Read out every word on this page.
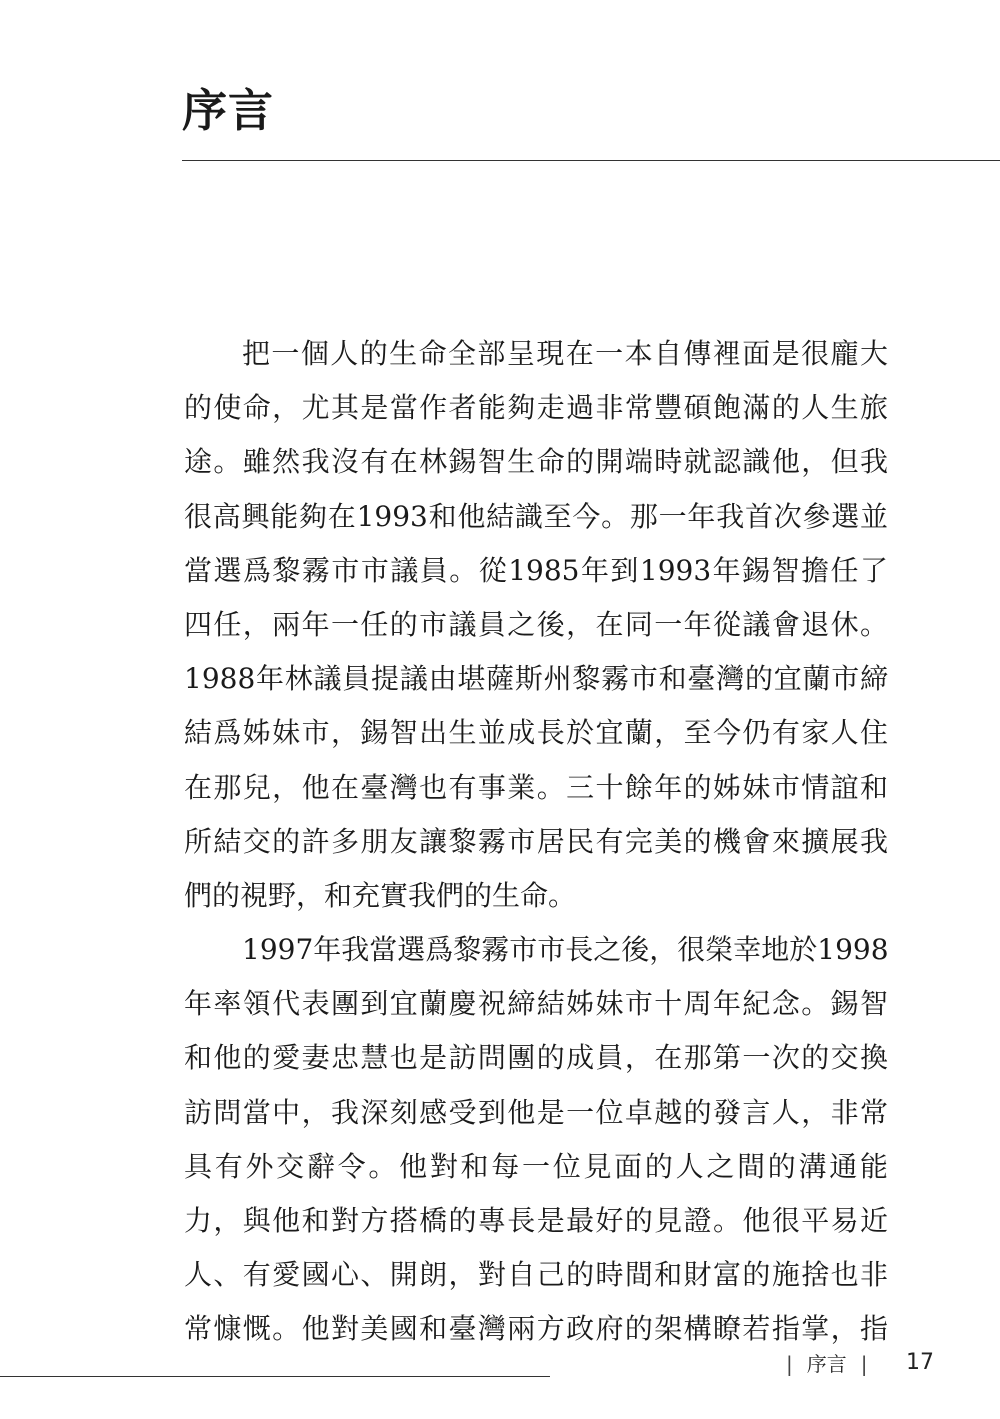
序言
把一個人的生命全部呈現在一本自傳裡面是很龐大
的使命，尤其是當作者能夠走過非常豐碩飽滿的人生旅
途。雖然我沒有在林錫智生命的開端時就認識他，但我
很高興能夠在1993和他結識至今。那一年我首次參選並
當選爲黎霧市市議員。從1985年到1993年錫智擔任了
四任，兩年一任的市議員之後，在同一年從議會退休。
1988年林議員提議由堪薩斯州黎霧市和臺灣的宜蘭市締
結爲姊妹市，錫智出生並成長於宜蘭，至今仍有家人住
在那兒，他在臺灣也有事業。三十餘年的姊妹市情誼和
所結交的許多朋友讓黎霧市居民有完美的機會來擴展我
們的視野，和充實我們的生命。
1997年我當選爲黎霧市市長之後，很榮幸地於1998
年率領代表團到宜蘭慶祝締結姊妹市十周年紀念。錫智
和他的愛妻忠慧也是訪問團的成員，在那第一次的交換
訪問當中，我深刻感受到他是一位卓越的發言人，非常
具有外交辭令。他對和每一位見面的人之間的溝通能
力，與他和對方搭橋的專長是最好的見證。他很平易近
人、有愛國心、開朗，對自己的時間和財富的施捨也非
常慷慨。他對美國和臺灣兩方政府的架構瞭若指掌，指
| 序言 | 17
